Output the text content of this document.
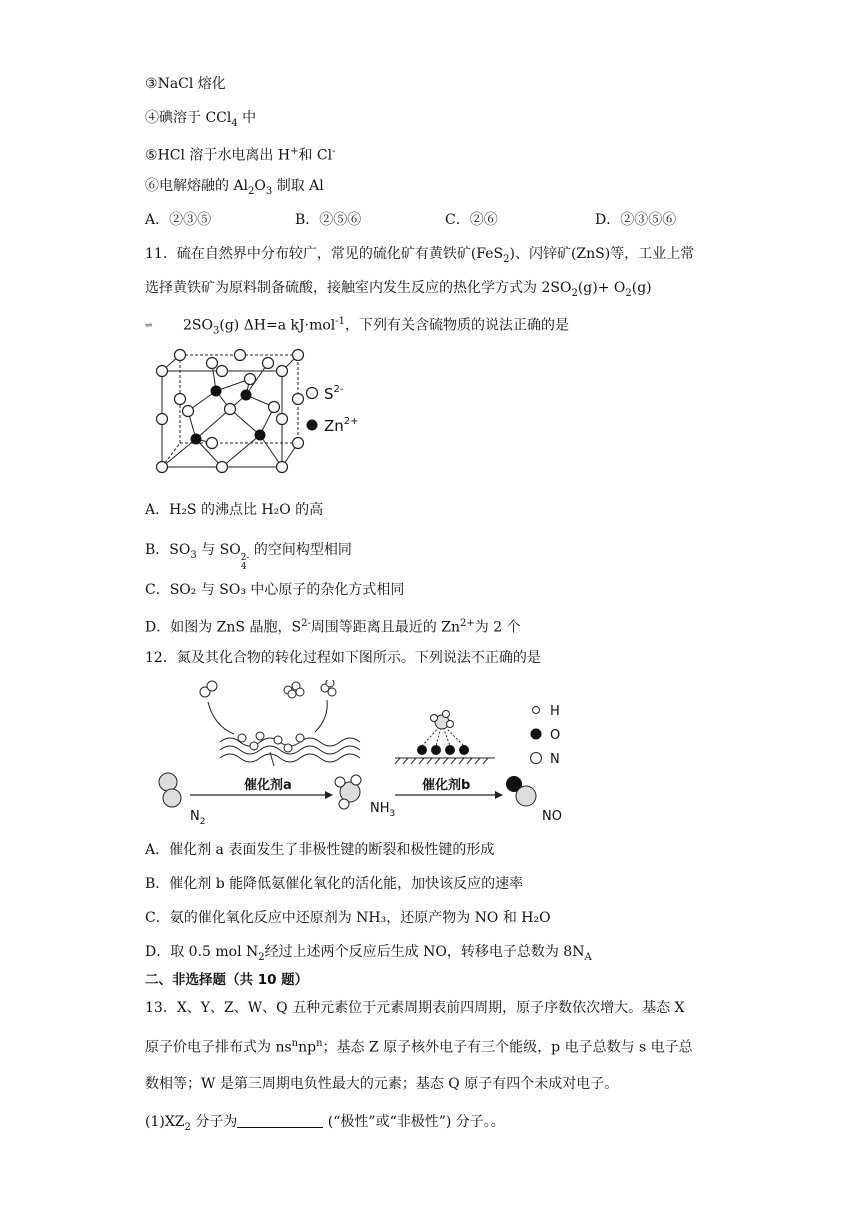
③NaCl 熔化
④碘溶于 CCl$_4$ 中
⑤HCl 溶于水电离出 H+和 Cl-
⑥电解熔融的 $Al_2O_3$ 制取 Al
A．②③⑤	B．②⑤⑥	C．②⑥	D．②③⑤⑥
11．硫在自然界中分布较广，常见的硫化矿有黄铁矿(FeS$_2$)、闪锌矿(ZnS)等，工业上常
选择黄铁矿为原料制备硫酸，接触室内发生反应的热化学方式为 $2SO_2(g)+ O_2(g)$
⇌ $2SO_3(g)$ ΔH=a kJ·mol$^{-1}$，下列有关含硫物质的说法正确的是
$S^{2-}$
$Zn^{2+}$
A．H₂S 的沸点比 H₂O 的高
B．$SO_3$ 与 SO 2-
4
的空间构型相同
C．SO₂ 与 SO₃ 中心原子的杂化方式相同
D．如图为 ZnS 晶胞，$S^{2-}$周围等距离且最近的 $Zn^{2+}$为 2 个
12．氮及其化合物的转化过程如下图所示。下列说法不正确的是
$N_2$
催化剂a
$NH_3$
催化剂b
NO
H
O
N
A．催化剂 a 表面发生了非极性键的断裂和极性键的形成
B．催化剂 b 能降低氨催化氧化的活化能，加快该反应的速率
C．氨的催化氧化反应中还原剂为 NH₃，还原产物为 NO 和 H₂O
D．取 0.5 mol $N_2$经过上述两个反应后生成 NO，转移电子总数为 $8N_A$
二、非选择题（共 10 题）
13．X、Y、Z、W、Q 五种元素位于元素周期表前四周期，原子序数依次增大。基态 X
原子价电子排布式为 $ns^nnp^n$；基态 Z 原子核外电子有三个能级，p 电子总数与 s 电子总
数相等；W 是第三周期电负性最大的元素；基态 Q 原子有四个未成对电子。
$(1)XZ_2$ 分子为	(“极性”或“非极性”) 分子。。
